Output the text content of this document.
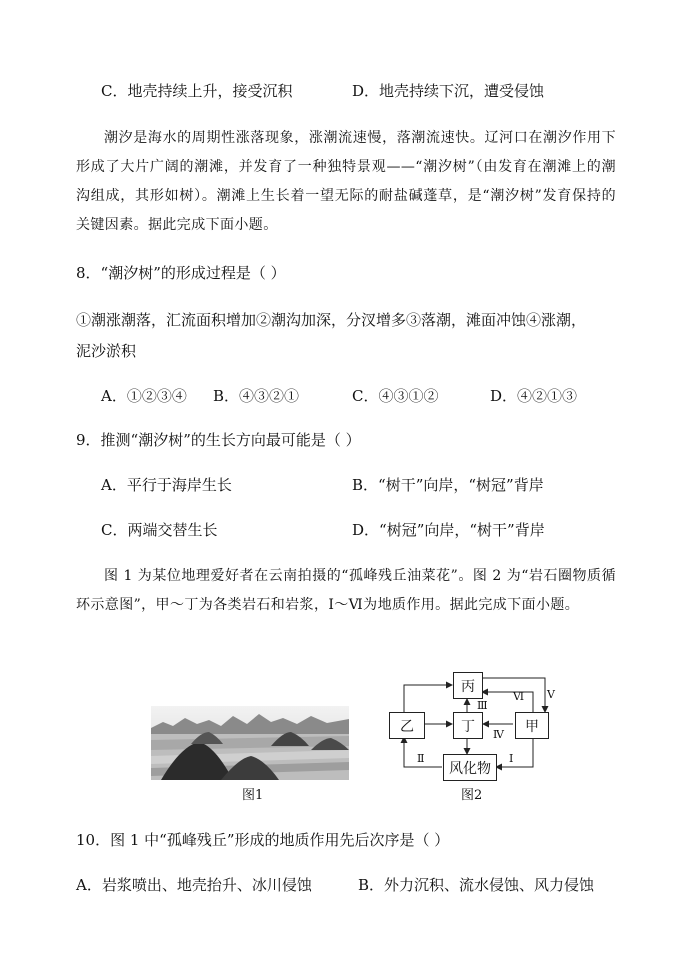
C．地壳持续上升，接受沉积	D．地壳持续下沉，遭受侵蚀
潮汐是海水的周期性涨落现象，涨潮流速慢，落潮流速快。辽河口在潮汐作用下形成了大片广阔的潮滩，并发育了一种独特景观——“潮汐树”（由发育在潮滩上的潮沟组成，其形如树）。潮滩上生长着一望无际的耐盐碱蓬草，是“潮汐树”发育保持的关键因素。据此完成下面小题。
8．“潮汐树”的形成过程是（ ）
①潮涨潮落，汇流面积增加②潮沟加深，分汊增多③落潮，滩面冲蚀④涨潮，
泥沙淤积
A．①②③④ B．④③②①	C．④③①②	D．④②①③
9．推测“潮汐树”的生长方向最可能是（ ）
A．平行于海岸生长	B．“树干”向岸，“树冠”背岸
C．两端交替生长	D．“树冠”向岸，“树干”背岸
图 1 为某位地理爱好者在云南拍摄的“孤峰残丘油菜花”。图 2 为“岩石圈物质循环示意图”，甲～丁为各类岩石和岩浆，Ⅰ～Ⅵ为地质作用。据此完成下面小题。
图1
丙
乙	丁	甲
风化物
Ⅲ
Ⅵ Ⅴ
Ⅳ
Ⅱ	Ⅰ
图2
10．图 1 中“孤峰残丘”形成的地质作用先后次序是（ ）
A．岩浆喷出、地壳抬升、冰川侵蚀	B．外力沉积、流水侵蚀、风力侵蚀
